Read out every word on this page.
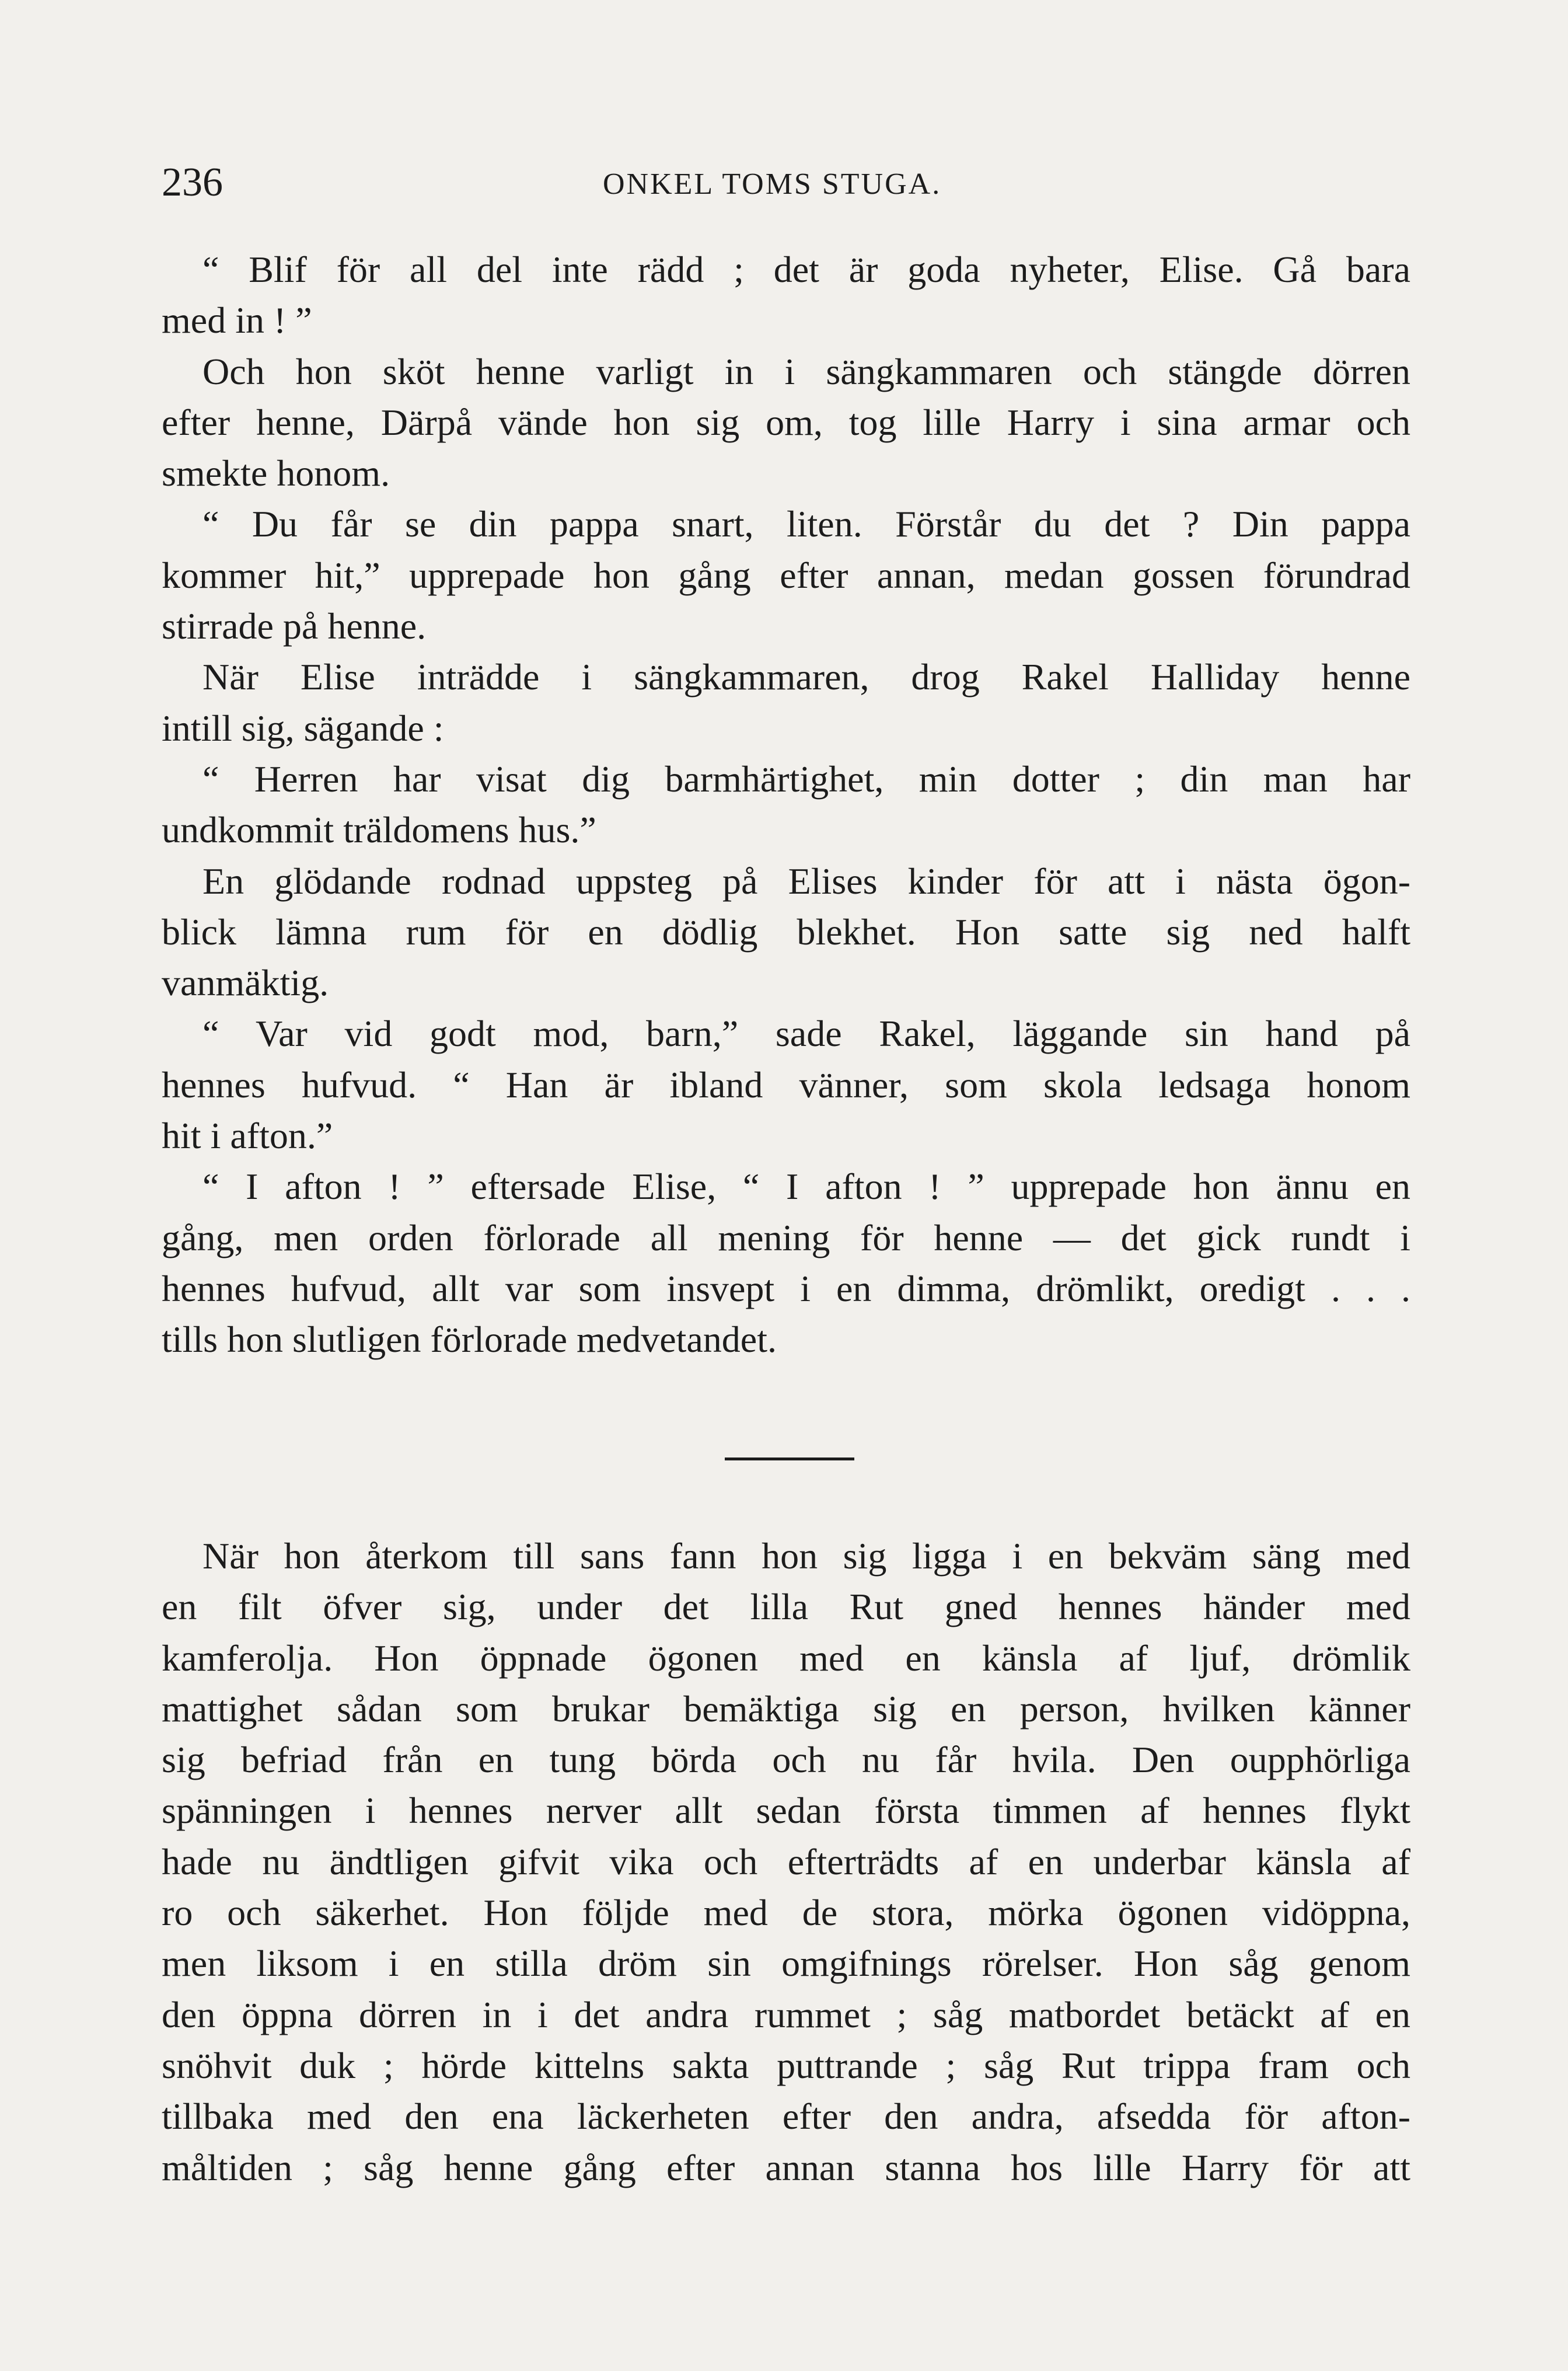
236	ONKEL TOMS STUGA.
“ Blif för all del inte rädd ; det är goda nyheter, Elise. Gå bara
med in ! ”
Och hon sköt henne varligt in i sängkammaren och stängde dörren
efter henne, Därpå vände hon sig om, tog lille Harry i sina armar och
smekte honom.
“ Du får se din pappa snart, liten. Förstår du det ? Din pappa
kommer hit,” upprepade hon gång efter annan, medan gossen förundrad
stirrade på henne.
När Elise inträdde i sängkammaren, drog Rakel Halliday henne
intill sig, sägande :
“ Herren har visat dig barmhärtighet, min dotter ; din man har
undkommit träldomens hus.”
En glödande rodnad uppsteg på Elises kinder för att i nästa ögon-
blick lämna rum för en dödlig blekhet. Hon satte sig ned halft
vanmäktig.
“ Var vid godt mod, barn,” sade Rakel, läggande sin hand på
hennes hufvud. “ Han är ibland vänner, som skola ledsaga honom
hit i afton.”
“ I afton ! ” eftersade Elise, “ I afton ! ” upprepade hon ännu en
gång, men orden förlorade all mening för henne — det gick rundt i
hennes hufvud, allt var som insvept i en dimma, drömlikt, oredigt . . .
tills hon slutligen förlorade medvetandet.
När hon återkom till sans fann hon sig ligga i en bekväm säng med
en filt öfver sig, under det lilla Rut gned hennes händer med
kamferolja. Hon öppnade ögonen med en känsla af ljuf, drömlik
mattighet sådan som brukar bemäktiga sig en person, hvilken känner
sig befriad från en tung börda och nu får hvila. Den oupphörliga
spänningen i hennes nerver allt sedan första timmen af hennes flykt
hade nu ändtligen gifvit vika och efterträdts af en underbar känsla af
ro och säkerhet. Hon följde med de stora, mörka ögonen vidöppna,
men liksom i en stilla dröm sin omgifnings rörelser. Hon såg genom
den öppna dörren in i det andra rummet ; såg matbordet betäckt af en
snöhvit duk ; hörde kittelns sakta puttrande ; såg Rut trippa fram och
tillbaka med den ena läckerheten efter den andra, afsedda för afton-
måltiden ; såg henne gång efter annan stanna hos lille Harry för att
